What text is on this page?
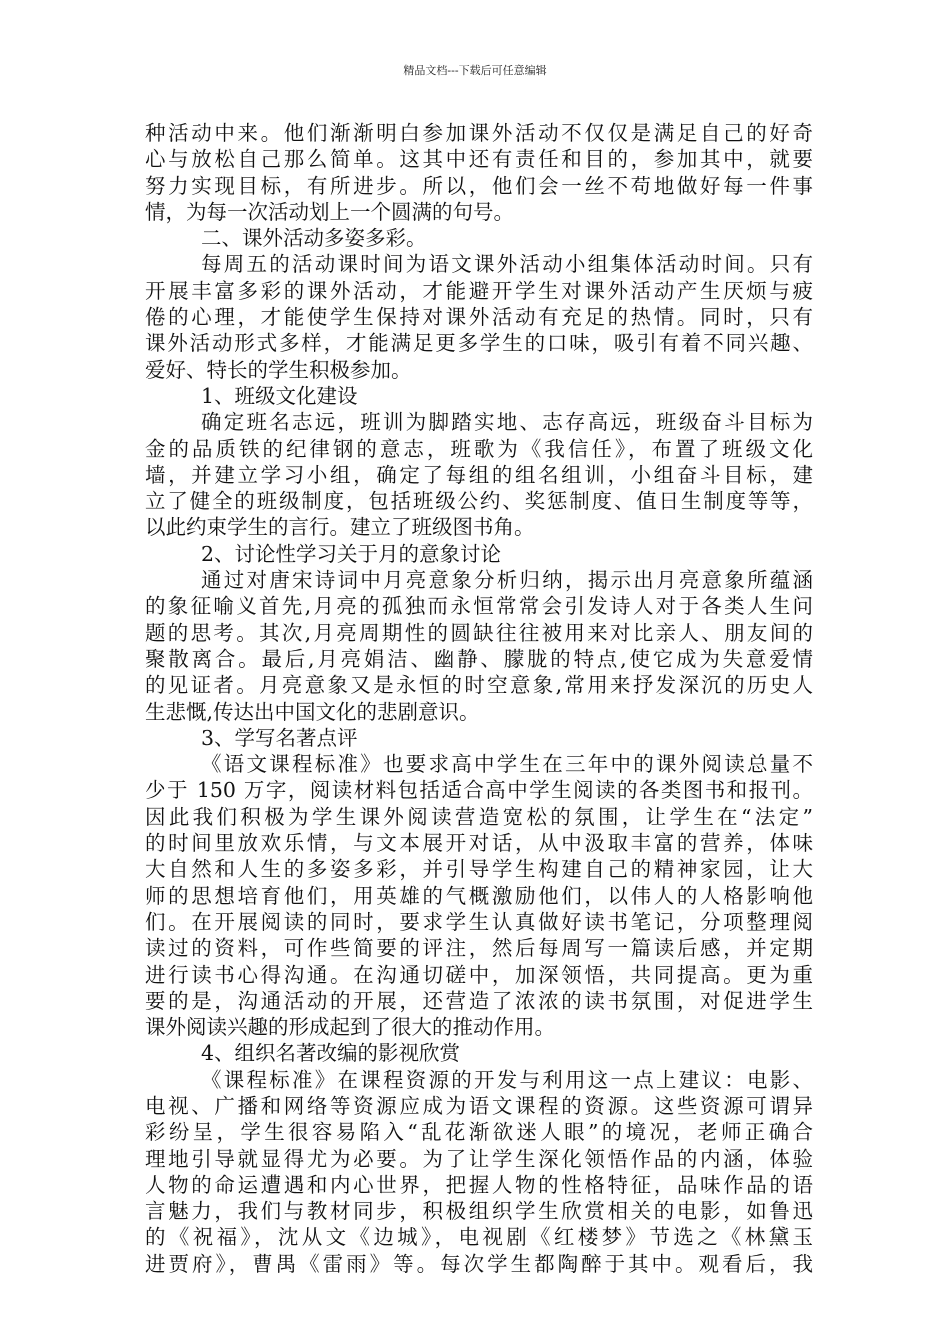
精品文档---下载后可任意编辑
种活动中来。他们渐渐明白参加课外活动不仅仅是满足自己的好奇
心与放松自己那么简单。这其中还有责任和目的，参加其中，就要
努力实现目标，有所进步。所以，他们会一丝不苟地做好每一件事
情，为每一次活动划上一个圆满的句号。
二、课外活动多姿多彩。
每周五的活动课时间为语文课外活动小组集体活动时间。只有
开展丰富多彩的课外活动，才能避开学生对课外活动产生厌烦与疲
倦的心理，才能使学生保持对课外活动有充足的热情。同时，只有
课外活动形式多样，才能满足更多学生的口味，吸引有着不同兴趣、
爱好、特长的学生积极参加。
1、班级文化建设
确定班名志远，班训为脚踏实地、志存高远，班级奋斗目标为
金的品质铁的纪律钢的意志，班歌为《我信任》，布置了班级文化
墙，并建立学习小组，确定了每组的组名组训，小组奋斗目标，建
立了健全的班级制度，包括班级公约、奖惩制度、值日生制度等等，
以此约束学生的言行。建立了班级图书角。
2、讨论性学习关于月的意象讨论
通过对唐宋诗词中月亮意象分析归纳，揭示出月亮意象所蕴涵
的象征喻义首先,月亮的孤独而永恒常常会引发诗人对于各类人生问
题的思考。其次,月亮周期性的圆缺往往被用来对比亲人、朋友间的
聚散离合。最后,月亮娟洁、幽静、朦胧的特点,使它成为失意爱情
的见证者。月亮意象又是永恒的时空意象,常用来抒发深沉的历史人
生悲慨,传达出中国文化的悲剧意识。
3、学写名著点评
《语文课程标准》也要求高中学生在三年中的课外阅读总量不
少于 150 万字，阅读材料包括适合高中学生阅读的各类图书和报刊。
因此我们积极为学生课外阅读营造宽松的氛围，让学生在“法定”
的时间里放欢乐情，与文本展开对话，从中汲取丰富的营养，体味
大自然和人生的多姿多彩，并引导学生构建自己的精神家园，让大
师的思想培育他们，用英雄的气概激励他们，以伟人的人格影响他
们。在开展阅读的同时，要求学生认真做好读书笔记，分项整理阅
读过的资料，可作些简要的评注，然后每周写一篇读后感，并定期
进行读书心得沟通。在沟通切磋中，加深领悟，共同提高。更为重
要的是，沟通活动的开展，还营造了浓浓的读书氛围，对促进学生
课外阅读兴趣的形成起到了很大的推动作用。
4、组织名著改编的影视欣赏
《课程标准》在课程资源的开发与利用这一点上建议：电影、
电视、广播和网络等资源应成为语文课程的资源。这些资源可谓异
彩纷呈，学生很容易陷入“乱花渐欲迷人眼”的境况，老师正确合
理地引导就显得尤为必要。为了让学生深化领悟作品的内涵，体验
人物的命运遭遇和内心世界，把握人物的性格特征，品味作品的语
言魅力，我们与教材同步，积极组织学生欣赏相关的电影，如鲁迅
的《祝福》，沈从文《边城》，电视剧《红楼梦》节选之《林黛玉
进贾府》，曹禺《雷雨》等。每次学生都陶醉于其中。观看后，我
